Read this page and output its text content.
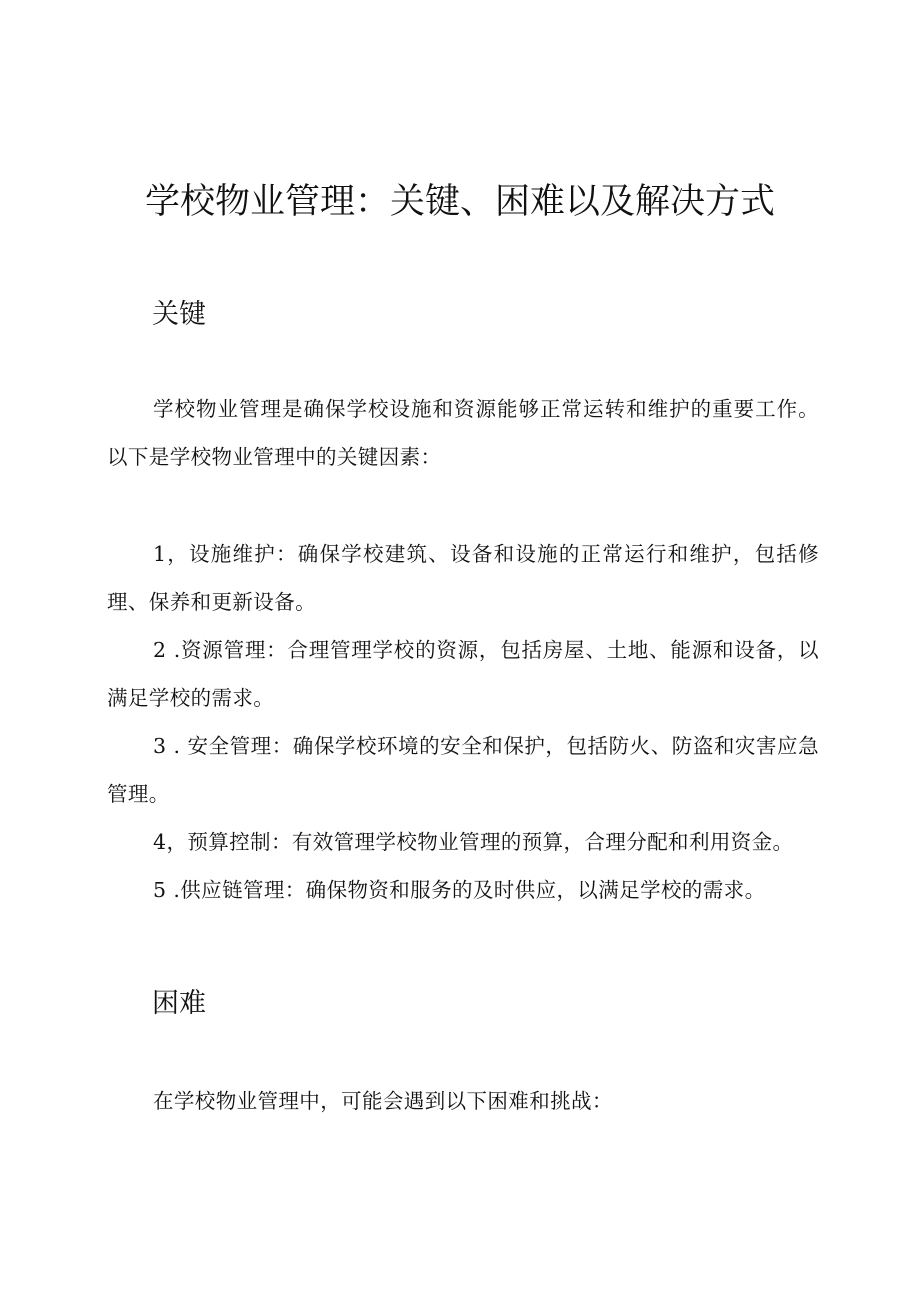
学校物业管理：关键、困难以及解决方式
关键

学校物业管理是确保学校设施和资源能够正常运转和维护的重要工作。以下是学校物业管理中的关键因素：

1，设施维护：确保学校建筑、设备和设施的正常运行和维护，包括修理、保养和更新设备。

2 .资源管理：合理管理学校的资源，包括房屋、土地、能源和设备，以满足学校的需求。

3 . 安全管理：确保学校环境的安全和保护，包括防火、防盗和灾害应急管理。

4，预算控制：有效管理学校物业管理的预算，合理分配和利用资金。

5 .供应链管理：确保物资和服务的及时供应，以满足学校的需求。

困难

在学校物业管理中，可能会遇到以下困难和挑战：
